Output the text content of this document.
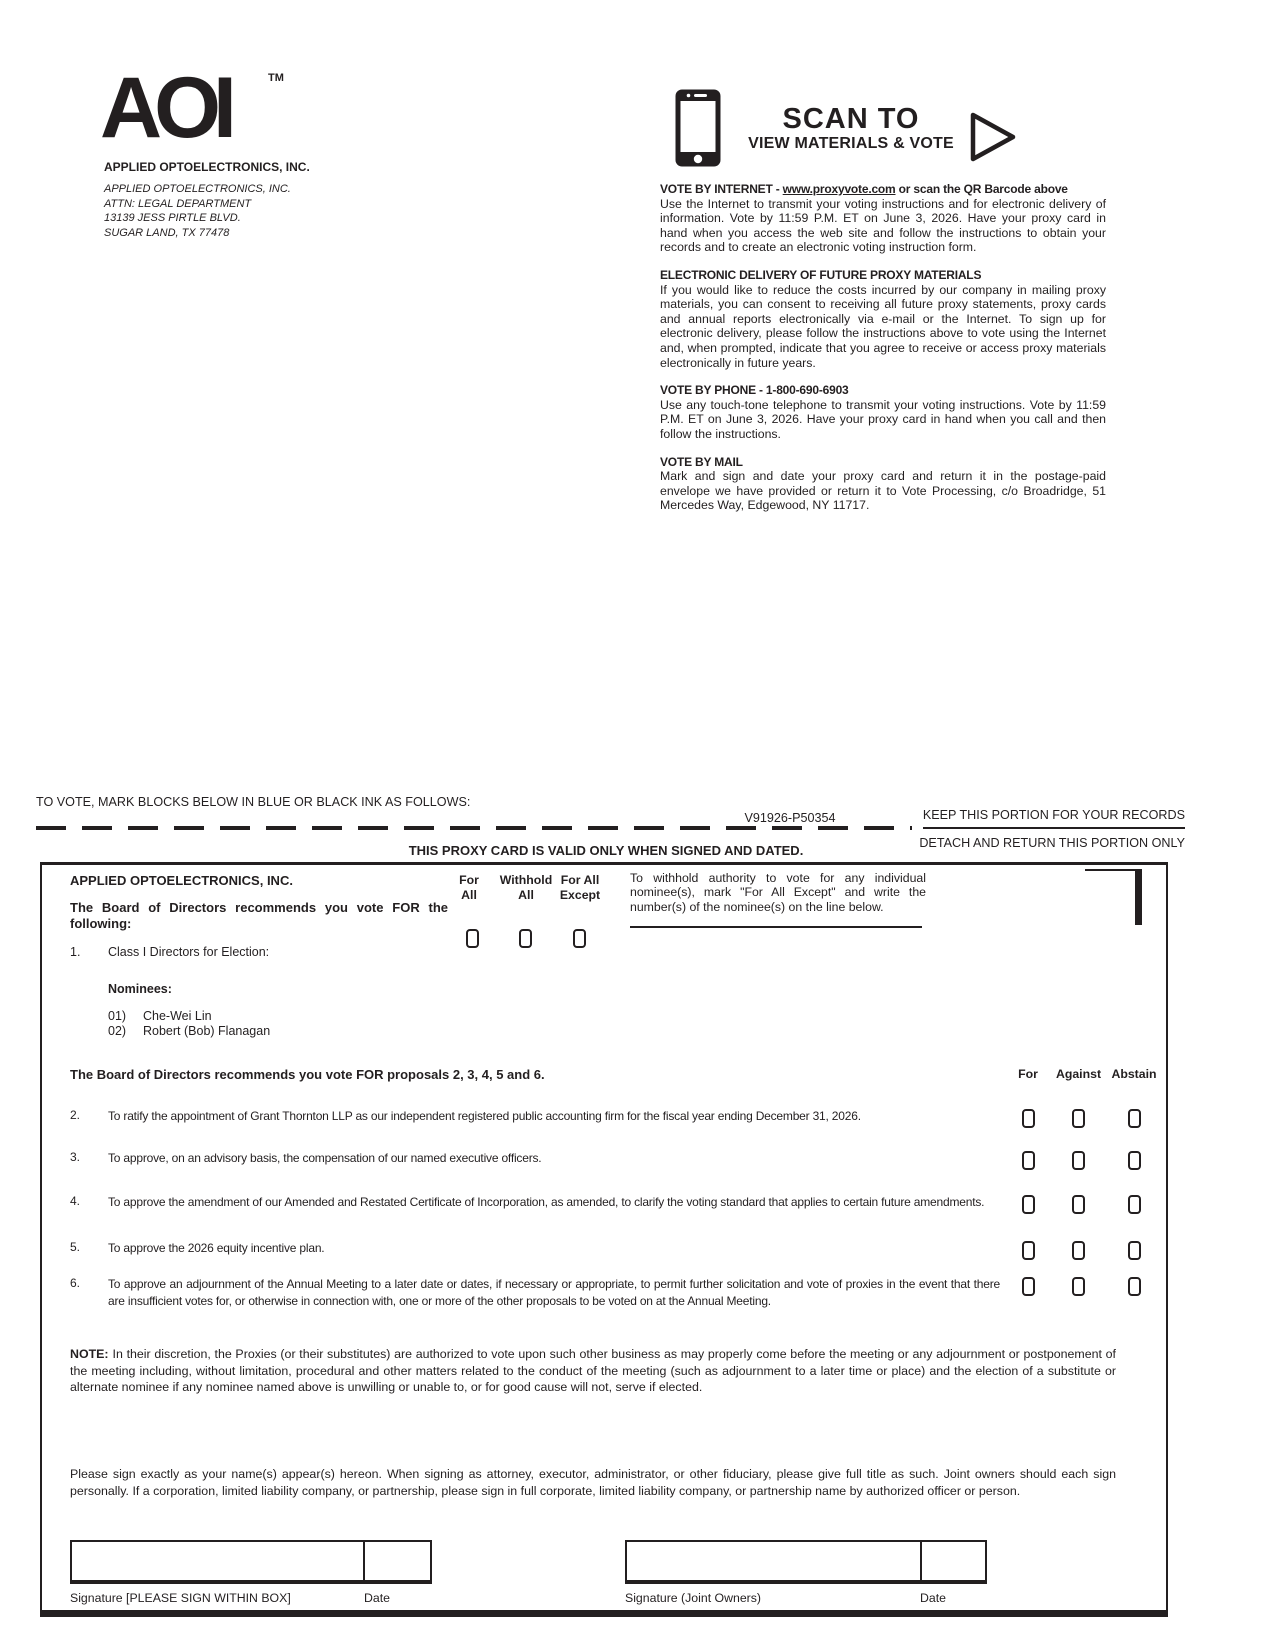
AOI	TM
APPLIED OPTOELECTRONICS, INC.
APPLIED OPTOELECTRONICS, INC.
ATTN: LEGAL DEPARTMENT
13139 JESS PIRTLE BLVD.
SUGAR LAND, TX 77478
SCAN TO
VIEW MATERIALS & VOTE
VOTE BY INTERNET - www.proxyvote.com or scan the QR Barcode above
Use the Internet to transmit your voting instructions and for electronic delivery of information. Vote by 11:59 P.M. ET on June 3, 2026. Have your proxy card in hand when you access the web site and follow the instructions to obtain your records and to create an electronic voting instruction form.
ELECTRONIC DELIVERY OF FUTURE PROXY MATERIALS
If you would like to reduce the costs incurred by our company in mailing proxy materials, you can consent to receiving all future proxy statements, proxy cards and annual reports electronically via e-mail or the Internet. To sign up for electronic delivery, please follow the instructions above to vote using the Internet and, when prompted, indicate that you agree to receive or access proxy materials electronically in future years.
VOTE BY PHONE - 1-800-690-6903
Use any touch-tone telephone to transmit your voting instructions. Vote by 11:59 P.M. ET on June 3, 2026. Have your proxy card in hand when you call and then follow the instructions.
VOTE BY MAIL
Mark and sign and date your proxy card and return it in the postage-paid envelope we have provided or return it to Vote Processing, c/o Broadridge, 51 Mercedes Way, Edgewood, NY 11717.
TO VOTE, MARK BLOCKS BELOW IN BLUE OR BLACK INK AS FOLLOWS:
V91926-P50354	KEEP THIS PORTION FOR YOUR RECORDS
DETACH AND RETURN THIS PORTION ONLY
THIS PROXY CARD IS VALID ONLY WHEN SIGNED AND DATED.
APPLIED OPTOELECTRONICS, INC.
The Board of Directors recommends you vote FOR the following:
For
All
Withhold
All
For All
Except
To withhold authority to vote for any individual nominee(s), mark "For All Except" and write the number(s) of the nominee(s) on the line below.
1. Class I Directors for Election:
Nominees:
01) Che-Wei Lin
02) Robert (Bob) Flanagan
The Board of Directors recommends you vote FOR proposals 2, 3, 4, 5 and 6.	For	Against Abstain
2. To ratify the appointment of Grant Thornton LLP as our independent registered public accounting firm for the fiscal year ending December 31, 2026.
3. To approve, on an advisory basis, the compensation of our named executive officers.
4. To approve the amendment of our Amended and Restated Certificate of Incorporation, as amended, to clarify the voting standard that applies to certain future amendments.
5. To approve the 2026 equity incentive plan.
6. To approve an adjournment of the Annual Meeting to a later date or dates, if necessary or appropriate, to permit further solicitation and vote of proxies in the event that there are insufficient votes for, or otherwise in connection with, one or more of the other proposals to be voted on at the Annual Meeting.
NOTE: In their discretion, the Proxies (or their substitutes) are authorized to vote upon such other business as may properly come before the meeting or any adjournment or postponement of the meeting including, without limitation, procedural and other matters related to the conduct of the meeting (such as adjournment to a later time or place) and the election of a substitute or alternate nominee if any nominee named above is unwilling or unable to, or for good cause will not, serve if elected.
Please sign exactly as your name(s) appear(s) hereon. When signing as attorney, executor, administrator, or other fiduciary, please give full title as such. Joint owners should each sign personally. If a corporation, limited liability company, or partnership, please sign in full corporate, limited liability company, or partnership name by authorized officer or person.
Signature [PLEASE SIGN WITHIN BOX]	Date	Signature (Joint Owners)	Date
